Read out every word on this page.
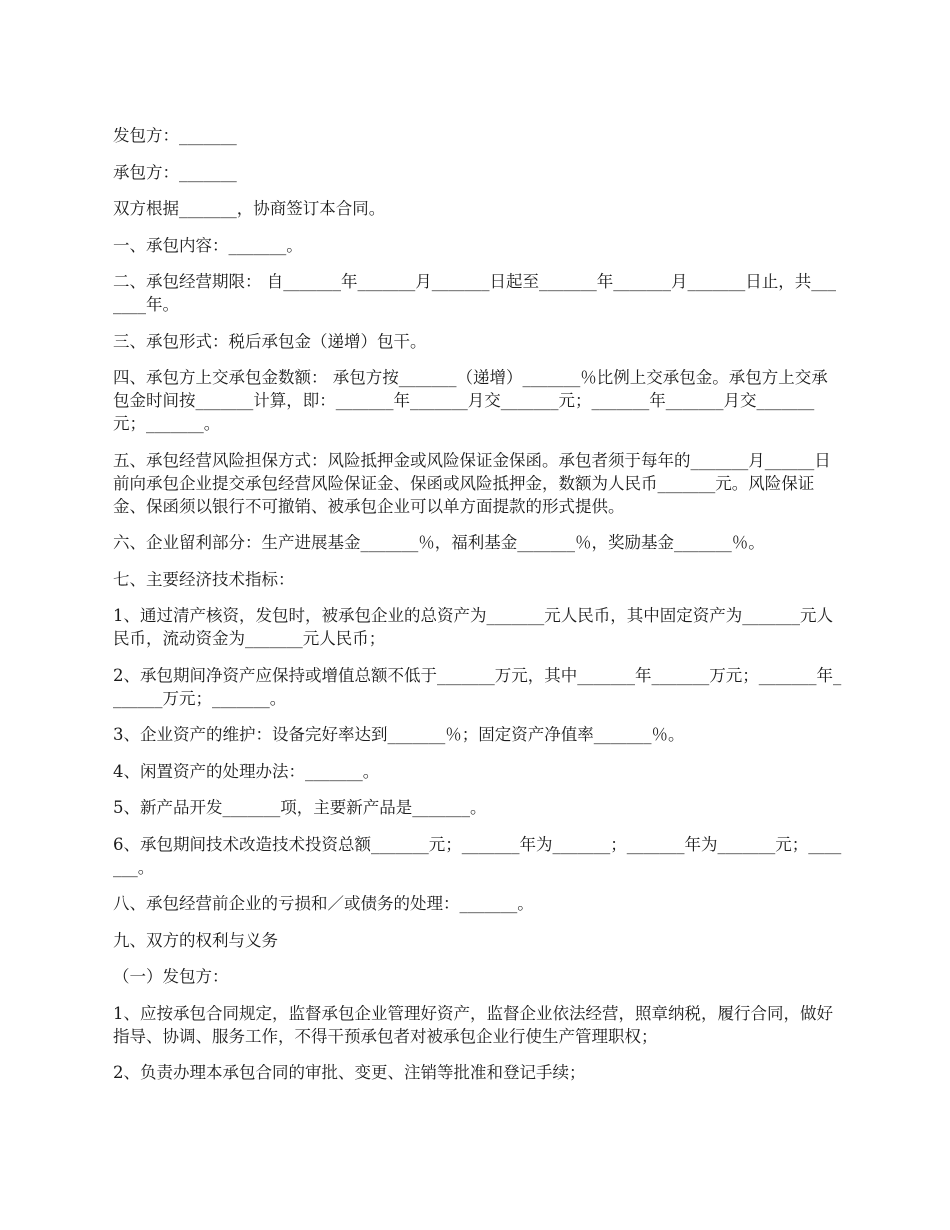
发包方：_______

承包方：_______

双方根据_______，协商签订本合同。

一、承包内容：_______。

二、承包经营期限： 自_______年_______月_______日起至_______年_______月_______日止，共_______年。

三、承包形式：税后承包金（递增）包干。

四、承包方上交承包金数额： 承包方按_______（递增）_______％比例上交承包金。承包方上交承包金时间按_______计算，即：_______年_______月交_______元；_______年_______月交_______元；_______。

五、承包经营风险担保方式：风险抵押金或风险保证金保函。承包者须于每年的_______月______日前向承包企业提交承包经营风险保证金、保函或风险抵押金，数额为人民币_______元。风险保证金、保函须以银行不可撤销、被承包企业可以单方面提款的形式提供。

六、企业留利部分：生产进展基金_______％，福利基金_______％，奖励基金_______％。

七、主要经济技术指标：

1、通过清产核资，发包时，被承包企业的总资产为_______元人民币，其中固定资产为_______元人民币，流动资金为_______元人民币；

2、承包期间净资产应保持或增值总额不低于_______万元，其中_______年_______万元；_______年_______万元；_______。

3、企业资产的维护：设备完好率达到_______％；固定资产净值率_______％。

4、闲置资产的处理办法：_______。

5、新产品开发_______项，主要新产品是_______。

6、承包期间技术改造技术投资总额_______元；_______年为_______；_______年为_______元；_______。

八、承包经营前企业的亏损和／或债务的处理：_______。

九、双方的权利与义务

（一）发包方：

1、应按承包合同规定，监督承包企业管理好资产，监督企业依法经营，照章纳税，履行合同，做好指导、协调、服务工作，不得干预承包者对被承包企业行使生产管理职权；

2、负责办理本承包合同的审批、变更、注销等批准和登记手续；
